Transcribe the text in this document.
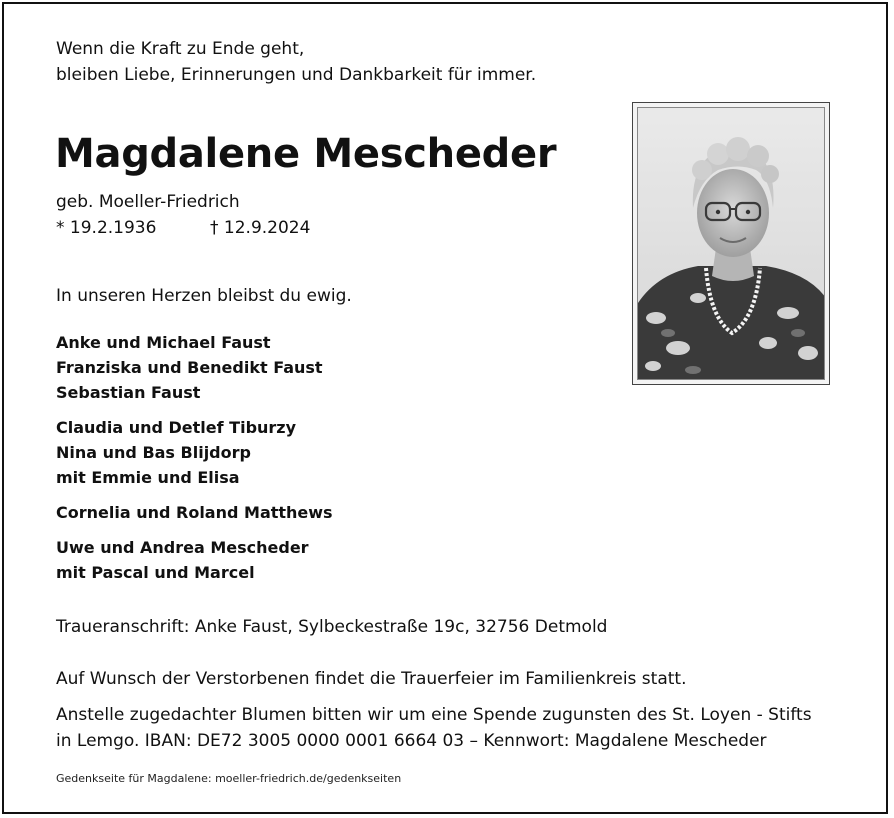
Wenn die Kraft zu Ende geht,
bleiben Liebe, Erinnerungen und Dankbarkeit für immer.
Magdalene Mescheder
geb. Moeller-Friedrich
* 19.2.1936	† 12.9.2024
In unseren Herzen bleibst du ewig.
Anke und Michael Faust
Franziska und Benedikt Faust
Sebastian Faust
Claudia und Detlef Tiburzy
Nina und Bas Blijdorp
mit Emmie und Elisa
Cornelia und Roland Matthews
Uwe und Andrea Mescheder
mit Pascal und Marcel
Traueranschrift: Anke Faust, Sylbeckestraße 19c, 32756 Detmold
Auf Wunsch der Verstorbenen findet die Trauerfeier im Familienkreis statt.
Anstelle zugedachter Blumen bitten wir um eine Spende zugunsten des St. Loyen - Stifts
in Lemgo. IBAN: DE72 3005 0000 0001 6664 03 – Kennwort: Magdalene Mescheder
Gedenkseite für Magdalene: moeller-friedrich.de/gedenkseiten
